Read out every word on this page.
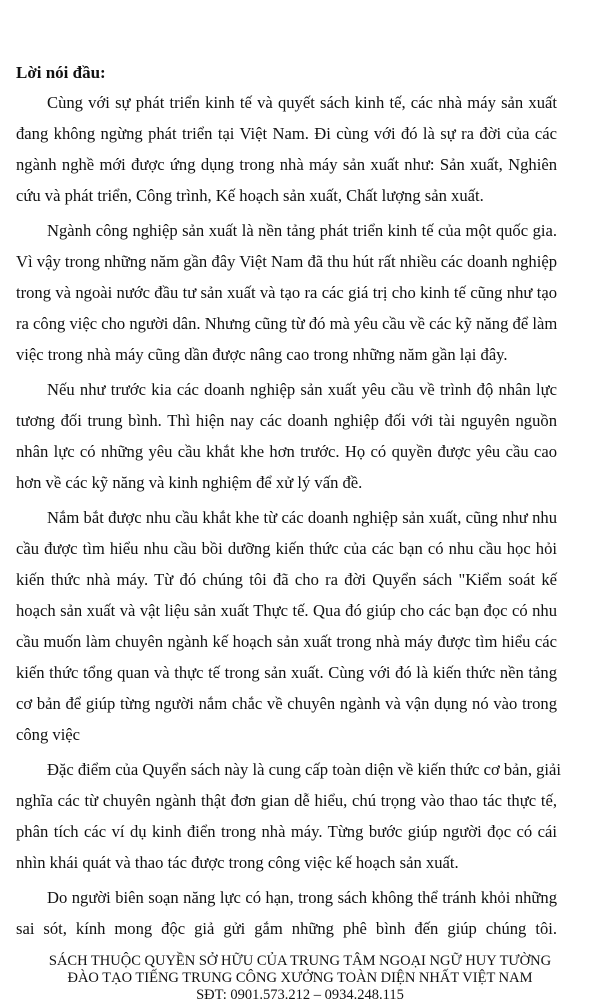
Lời nói đầu:
Cùng với sự phát triển kinh tế và quyết sách kinh tế, các nhà máy sản xuất
đang không ngừng phát triển tại Việt Nam. Đi cùng với đó là sự ra đời của các
ngành nghề mới được ứng dụng trong nhà máy sản xuất như: Sản xuất, Nghiên
cứu và phát triển, Công trình, Kế hoạch sản xuất, Chất lượng sản xuất.
Ngành công nghiệp sản xuất là nền tảng phát triển kinh tế của một quốc gia.
Vì vậy trong những năm gần đây Việt Nam đã thu hút rất nhiều các doanh nghiệp
trong và ngoài nước đầu tư sản xuất và tạo ra các giá trị cho kinh tế cũng như tạo
ra công việc cho người dân. Nhưng cũng từ đó mà yêu cầu về các kỹ năng để làm
việc trong nhà máy cũng dần được nâng cao trong những năm gần lại đây.
Nếu như trước kia các doanh nghiệp sản xuất yêu cầu về trình độ nhân lực
tương đối trung bình. Thì hiện nay các doanh nghiệp đối với tài nguyên nguồn
nhân lực có những yêu cầu khắt khe hơn trước. Họ có quyền được yêu cầu cao
hơn về các kỹ năng và kinh nghiệm để xử lý vấn đề.
Nắm bắt được nhu cầu khắt khe từ các doanh nghiệp sản xuất, cũng như nhu
cầu được tìm hiểu nhu cầu bồi dưỡng kiến thức của các bạn có nhu cầu học hỏi
kiến thức nhà máy. Từ đó chúng tôi đã cho ra đời Quyển sách "Kiểm soát kế
hoạch sản xuất và vật liệu sản xuất Thực tế. Qua đó giúp cho các bạn đọc có nhu
cầu muốn làm chuyên ngành kế hoạch sản xuất trong nhà máy được tìm hiểu các
kiến thức tổng quan và thực tế trong sản xuất. Cùng với đó là kiến thức nền tảng
cơ bản để giúp từng người nắm chắc về chuyên ngành và vận dụng nó vào trong
công việc
Đặc điểm của Quyển sách này là cung cấp toàn diện về kiến thức cơ bản, giải
nghĩa các từ chuyên ngành thật đơn gian dễ hiểu, chú trọng vào thao tác thực tế,
phân tích các ví dụ kinh điển trong nhà máy. Từng bước giúp người đọc có cái
nhìn khái quát và thao tác được trong công việc kế hoạch sản xuất.
Do người biên soạn năng lực có hạn, trong sách không thể tránh khỏi những
sai sót, kính mong độc giả gửi gắm những phê bình đến giúp chúng tôi.
SÁCH THUỘC QUYỀN SỞ HỮU CỦA TRUNG TÂM NGOẠI NGỮ HUY TƯỜNG
ĐÀO TẠO TIẾNG TRUNG CÔNG XƯỞNG TOÀN DIỆN NHẤT VIỆT NAM
SĐT: 0901.573.212 – 0934.248.115
